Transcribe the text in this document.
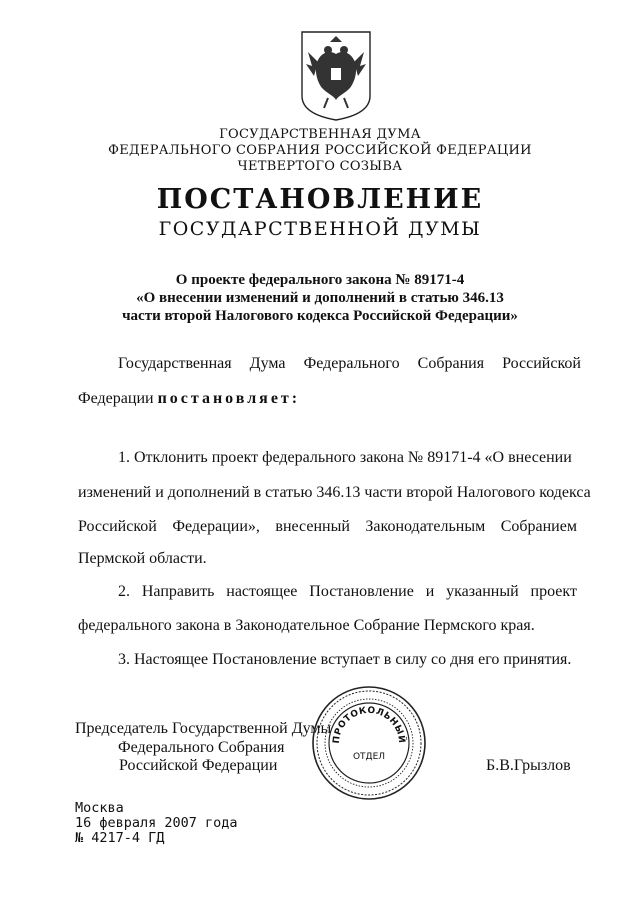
ГОСУДАРСТВЕННАЯ ДУМА
ФЕДЕРАЛЬНОГО СОБРАНИЯ РОССИЙСКОЙ ФЕДЕРАЦИИ
ЧЕТВЕРТОГО СОЗЫВА
ПОСТАНОВЛЕНИЕ
ГОСУДАРСТВЕННОЙ ДУМЫ
О проекте федерального закона № 89171-4
«О внесении изменений и дополнений в статью 346.13
части второй Налогового кодекса Российской Федерации»
Государственная Дума Федерального Собрания Российской
Федерации постановляет:
1. Отклонить проект федерального закона № 89171-4 «О внесении
изменений и дополнений в статью 346.13 части второй Налогового кодекса
Российской Федерации», внесенный Законодательным Собранием
Пермской области.
2. Направить настоящее Постановление и указанный проект
федерального закона в Законодательное Собрание Пермского края.
3. Настоящее Постановление вступает в силу со дня его принятия.
Председатель Государственной Думы
Федерального Собрания
Российской Федерации	Б.В.Грызлов
ПРОТОКОЛЬНЫЙ
ОТДЕЛ
Москва
16 февраля 2007 года
№ 4217-4 ГД
